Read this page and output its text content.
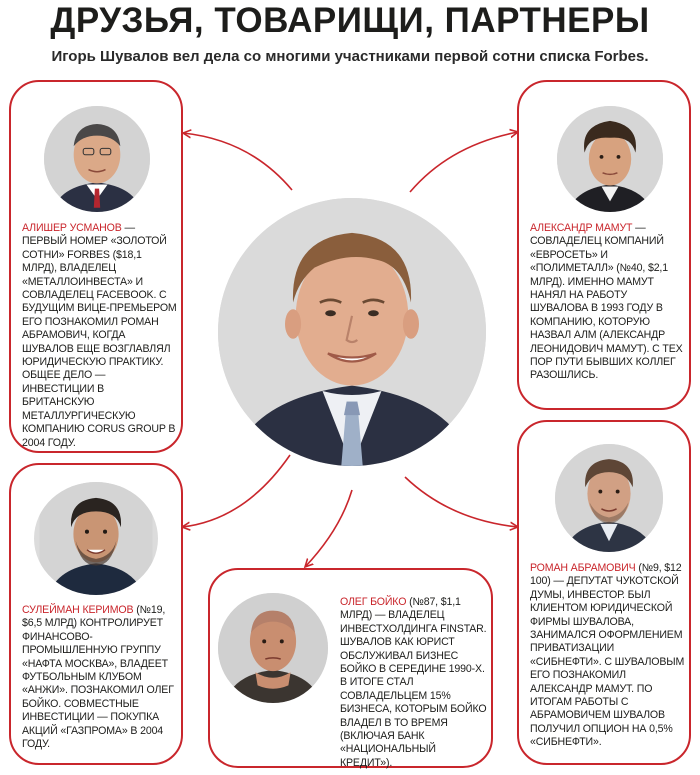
ДРУЗЬЯ, ТОВАРИЩИ, ПАРТНЕРЫ
Игорь Шувалов вел дела со многими участниками первой сотни списка Forbes.
АЛИШЕР УСМАНОВ — ПЕРВЫЙ НОМЕР «ЗОЛОТОЙ СОТНИ» FORBES ($18,1 МЛРД), ВЛАДЕЛЕЦ «МЕТАЛЛОИНВЕСТА» И СОВЛАДЕЛЕЦ FACEBOOK. С БУДУЩИМ ВИЦЕ-ПРЕМЬЕРОМ ЕГО ПОЗНАКОМИЛ РОМАН АБРАМОВИЧ, КОГДА ШУВАЛОВ ЕЩЕ ВОЗГЛАВЛЯЛ ЮРИДИЧЕСКУЮ ПРАКТИКУ. ОБЩЕЕ ДЕЛО — ИНВЕСТИЦИИ В БРИТАНСКУЮ МЕТАЛЛУРГИЧЕСКУЮ КОМПАНИЮ CORUS GROUP В 2004 ГОДУ.
АЛЕКСАНДР МАМУТ — СОВЛАДЕЛЕЦ КОМПАНИЙ «ЕВРОСЕТЬ» И «ПОЛИМЕТАЛЛ» (№40, $2,1 МЛРД). ИМЕННО МАМУТ НАНЯЛ НА РАБОТУ ШУВАЛОВА В 1993 ГОДУ В КОМПАНИЮ, КОТОРУЮ НАЗВАЛ АЛМ (АЛЕКСАНДР ЛЕОНИДОВИЧ МАМУТ). С ТЕХ ПОР ПУТИ БЫВШИХ КОЛЛЕГ РАЗОШЛИСЬ.
СУЛЕЙМАН КЕРИМОВ (№19, $6,5 МЛРД) КОНТРОЛИРУЕТ ФИНАНСОВО-ПРОМЫШЛЕННУЮ ГРУППУ «НАФТА МОСКВА», ВЛАДЕЕТ ФУТБОЛЬНЫМ КЛУБОМ «АНЖИ». ПОЗНАКОМИЛ ОЛЕГ БОЙКО. СОВМЕСТНЫЕ ИНВЕСТИЦИИ — ПОКУПКА АКЦИЙ «ГАЗПРОМА» В 2004 ГОДУ.
ОЛЕГ БОЙКО (№87, $1,1 МЛРД) — ВЛАДЕЛЕЦ ИНВЕСТХОЛДИНГА FINSTAR. ШУВАЛОВ КАК ЮРИСТ ОБСЛУЖИВАЛ БИЗНЕС БОЙКО В СЕРЕДИНЕ 1990-Х. В ИТОГЕ СТАЛ СОВЛАДЕЛЬЦЕМ 15% БИЗНЕСА, КОТОРЫМ БОЙКО ВЛАДЕЛ В ТО ВРЕМЯ (ВКЛЮЧАЯ БАНК «НАЦИОНАЛЬНЫЙ КРЕДИТ»).
РОМАН АБРАМОВИЧ (№9, $12 100) — ДЕПУТАТ ЧУКОТСКОЙ ДУМЫ, ИНВЕСТОР. БЫЛ КЛИЕНТОМ ЮРИДИЧЕСКОЙ ФИРМЫ ШУВАЛОВА, ЗАНИМАЛСЯ ОФОРМЛЕНИЕМ ПРИВАТИЗАЦИИ «СИБНЕФТИ». С ШУВАЛОВЫМ ЕГО ПОЗНАКОМИЛ АЛЕКСАНДР МАМУТ. ПО ИТОГАМ РАБОТЫ С АБРАМОВИЧЕМ ШУВАЛОВ ПОЛУЧИЛ ОПЦИОН НА 0,5% «СИБНЕФТИ».
